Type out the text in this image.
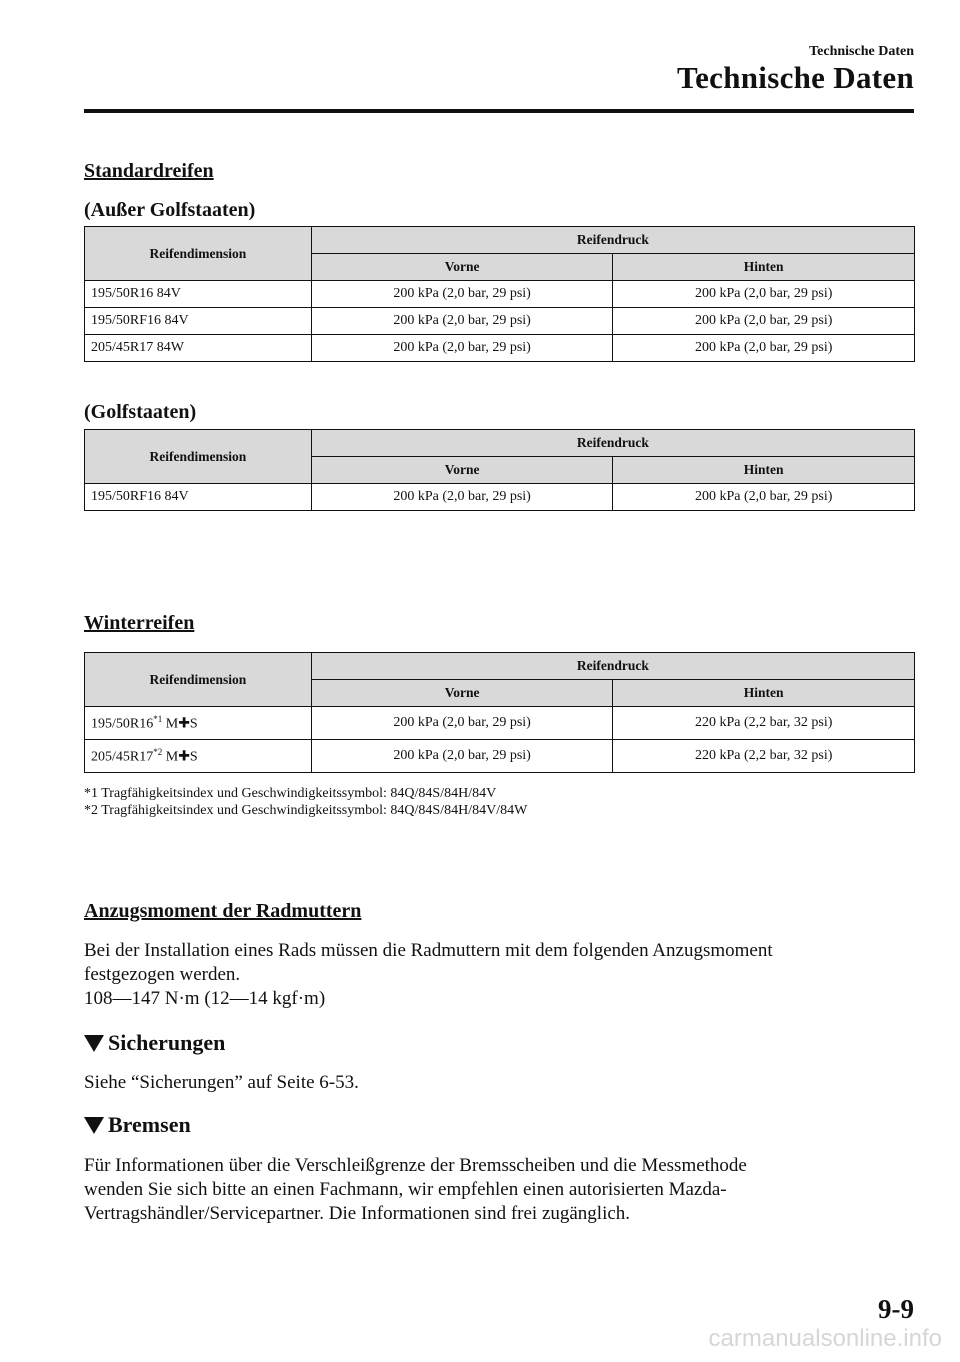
Technische Daten
Technische Daten
Standardreifen
(Außer Golfstaaten)
Reifendimension	Reifendruck	
	Vorne	Hinten
195/50R16 84V	200 kPa (2,0 bar, 29 psi)	200 kPa (2,0 bar, 29 psi)
195/50RF16 84V	200 kPa (2,0 bar, 29 psi)	200 kPa (2,0 bar, 29 psi)
205/45R17 84W	200 kPa (2,0 bar, 29 psi)	200 kPa (2,0 bar, 29 psi)
(Golfstaaten)
Reifendimension	Reifendruck	
	Vorne	Hinten
195/50RF16 84V	200 kPa (2,0 bar, 29 psi)	200 kPa (2,0 bar, 29 psi)
Winterreifen
Reifendimension	Reifendruck	
	Vorne	Hinten
195/50R16$^{*1}$ M✚S	200 kPa (2,0 bar, 29 psi)	220 kPa (2,2 bar, 32 psi)
205/45R17$^{*2}$ M✚S	200 kPa (2,0 bar, 29 psi)	220 kPa (2,2 bar, 32 psi)
*1 Tragfähigkeitsindex und Geschwindigkeitssymbol: 84Q/84S/84H/84V
*2 Tragfähigkeitsindex und Geschwindigkeitssymbol: 84Q/84S/84H/84V/84W
Anzugsmoment der Radmuttern
Bei der Installation eines Rads müssen die Radmuttern mit dem folgenden Anzugsmoment
festgezogen werden.
108—147 N·m (12—14 kgf·m)
Sicherungen
Siehe “Sicherungen” auf Seite 6-53.
Bremsen
Für Informationen über die Verschleißgrenze der Bremsscheiben und die Messmethode
wenden Sie sich bitte an einen Fachmann, wir empfehlen einen autorisierten Mazda-
Vertragshändler/Servicepartner. Die Informationen sind frei zugänglich.
9-9
carmanualsonline.info
